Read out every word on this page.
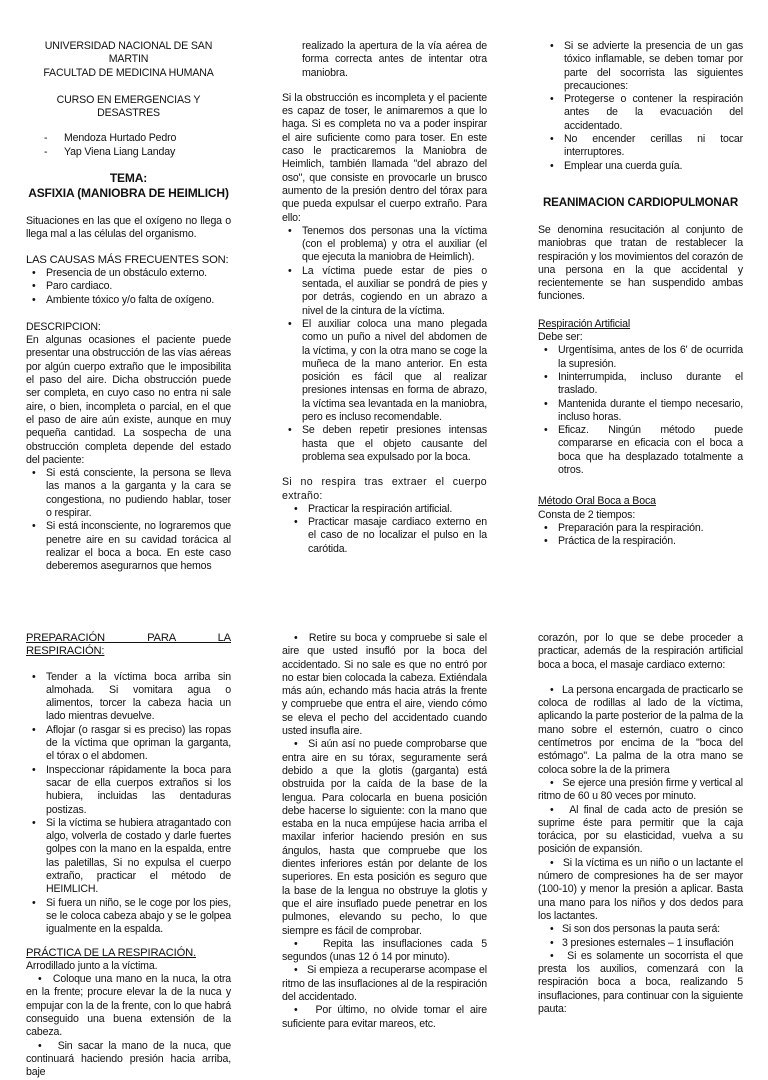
UNIVERSIDAD NACIONAL DE SAN MARTIN

FACULTAD DE MEDICINA HUMANA

CURSO EN EMERGENCIAS Y DESASTRES

- Mendoza Hurtado Pedro
- Yap Viena Liang Landay
TEMA:
ASFIXIA (MANIOBRA DE HEIMLICH)

Situaciones en las que el oxígeno no llega o llega mal a las células del organismo.

LAS CAUSAS MÁS FRECUENTES SON:

• Presencia de un obstáculo externo.
• Paro cardiaco.
• Ambiente tóxico y/o falta de oxígeno.

DESCRIPCION:

En algunas ocasiones el paciente puede presentar una obstrucción de las vías aéreas por algún cuerpo extraño que le imposibilita el paso del aire. Dicha obstrucción puede ser completa, en cuyo caso no entra ni sale aire, o bien, incompleta o parcial, en el que el paso de aire aún existe, aunque en muy pequeña cantidad. La sospecha de una obstrucción completa depende del estado del paciente:

• Si está consciente, la persona se lleva las manos a la garganta y la cara se congestiona, no pudiendo hablar, toser o respirar.
• Si está inconsciente, no lograremos que penetre aire en su cavidad torácica al realizar el boca a boca. En este caso deberemos asegurarnos que hemos

realizado la apertura de la vía aérea de forma correcta antes de intentar otra maniobra.

Si la obstrucción es incompleta y el paciente es capaz de toser, le animaremos a que lo haga. Si es completa no va a poder inspirar el aire suficiente como para toser. En este caso le practicaremos la Maniobra de Heimlich, también llamada "del abrazo del oso", que consiste en provocarle un brusco aumento de la presión dentro del tórax para que pueda expulsar el cuerpo extraño. Para ello:

• Tenemos dos personas una la víctima (con el problema) y otra el auxiliar (el que ejecuta la maniobra de Heimlich).
• La víctima puede estar de pies o sentada, el auxiliar se pondrá de pies y por detrás, cogiendo en un abrazo a nivel de la cintura de la víctima.
• El auxiliar coloca una mano plegada como un puño a nivel del abdomen de la víctima, y con la otra mano se coge la muñeca de la mano anterior. En esta posición es fácil que al realizar presiones intensas en forma de abrazo, la víctima sea levantada en la maniobra, pero es incluso recomendable.
• Se deben repetir presiones intensas hasta que el objeto causante del problema sea expulsado por la boca.

Si no respira tras extraer el cuerpo extraño:

• Practicar la respiración artificial.
• Practicar masaje cardiaco externo en el caso de no localizar el pulso en la carótida.
• Si se advierte la presencia de un gas tóxico inflamable, se deben tomar por parte del socorrista las siguientes precauciones:
• Protegerse o contener la respiración antes de la evacuación del accidentado.
• No encender cerillas ni tocar interruptores.
• Emplear una cuerda guía.
REANIMACION CARDIOPULMONAR

Se denomina resucitación al conjunto de maniobras que tratan de restablecer la respiración y los movimientos del corazón de una persona en la que accidental y recientemente se han suspendido ambas funciones.

Respiración Artificial

Debe ser:

• Urgentísima, antes de los 6' de ocurrida la supresión.
• Ininterrumpida, incluso durante el traslado.
• Mantenida durante el tiempo necesario, incluso horas.
• Eficaz. Ningún método puede compararse en eficacia con el boca a boca que ha desplazado totalmente a otros.

Método Oral Boca a Boca

Consta de 2 tiempos:

• Preparación para la respiración.
• Práctica de la respiración.

PREPARACIÓN PARA LA RESPIRACIÓN:

• Tender a la víctima boca arriba sin almohada. Si vomitara agua o alimentos, torcer la cabeza hacia un lado mientras devuelve.
• Aflojar (o rasgar si es preciso) las ropas de la víctima que opriman la garganta, el tórax o el abdomen.
• Inspeccionar rápidamente la boca para sacar de ella cuerpos extraños si los hubiera, incluidas las dentaduras postizas.
• Si la víctima se hubiera atragantado con algo, volverla de costado y darle fuertes golpes con la mano en la espalda, entre las paletillas, Si no expulsa el cuerpo extraño, practicar el método de HEIMLICH.
• Si fuera un niño, se le coge por los pies, se le coloca cabeza abajo y se le golpea igualmente en la espalda.

PRÁCTICA DE LA RESPIRACIÓN.

Arrodillado junto a la víctima.

•   Coloque una mano en la nuca, la otra en la frente; procure elevar la de la nuca y empujar con la de la frente, con lo que habrá conseguido una buena extensión de la cabeza.

•   Sin sacar la mano de la nuca, que continuará haciendo presión hacia arriba, baje

•   Retire su boca y compruebe si sale el aire que usted insufló por la boca del accidentado. Si no sale es que no entró por no estar bien colocada la cabeza. Extiéndala más aún, echando más hacia atrás la frente y compruebe que entra el aire, viendo cómo se eleva el pecho del accidentado cuando usted insufla aire.

•   Si aún así no puede comprobarse que entra aire en su tórax, seguramente será debido a que la glotis (garganta) está obstruida por la caída de la base de la lengua. Para colocarla en buena posición debe hacerse lo siguiente: con la mano que estaba en la nuca empújese hacia arriba el maxilar inferior haciendo presión en sus ángulos, hasta que compruebe que los dientes inferiores están por delante de los superiores. En esta posición es seguro que la base de la lengua no obstruye la glotis y que el aire insuflado puede penetrar en los pulmones, elevando su pecho, lo que siempre es fácil de comprobar.

•   Repita las insuflaciones cada 5 segundos (unas 12 ó 14 por minuto).

•   Si empieza a recuperarse acompase el ritmo de las insuflaciones al de la respiración del accidentado.

•   Por último, no olvide tomar el aire suficiente para evitar mareos, etc.

corazón, por lo que se debe proceder a practicar, además de la respiración artificial boca a boca, el masaje cardiaco externo:

•   La persona encargada de practicarlo se coloca de rodillas al lado de la víctima, aplicando la parte posterior de la palma de la mano sobre el esternón, cuatro o cinco centímetros por encima de la "boca del estómago". La palma de la otra mano se coloca sobre la de la primera

•   Se ejerce una presión firme y vertical al ritmo de 60 u 80 veces por minuto.

•   Al final de cada acto de presión se suprime éste para permitir que la caja torácica, por su elasticidad, vuelva a su posición de expansión.

•   Si la víctima es un niño o un lactante el número de compresiones ha de ser mayor (100-10) y menor la presión a aplicar. Basta una mano para los niños y dos dedos para los lactantes.

•   Si son dos personas la pauta será:

•   3 presiones esternales – 1 insuflación

•   Si es solamente un socorrista el que presta los auxilios, comenzará con la respiración boca a boca, realizando 5 insuflaciones, para continuar con la siguiente pauta:
